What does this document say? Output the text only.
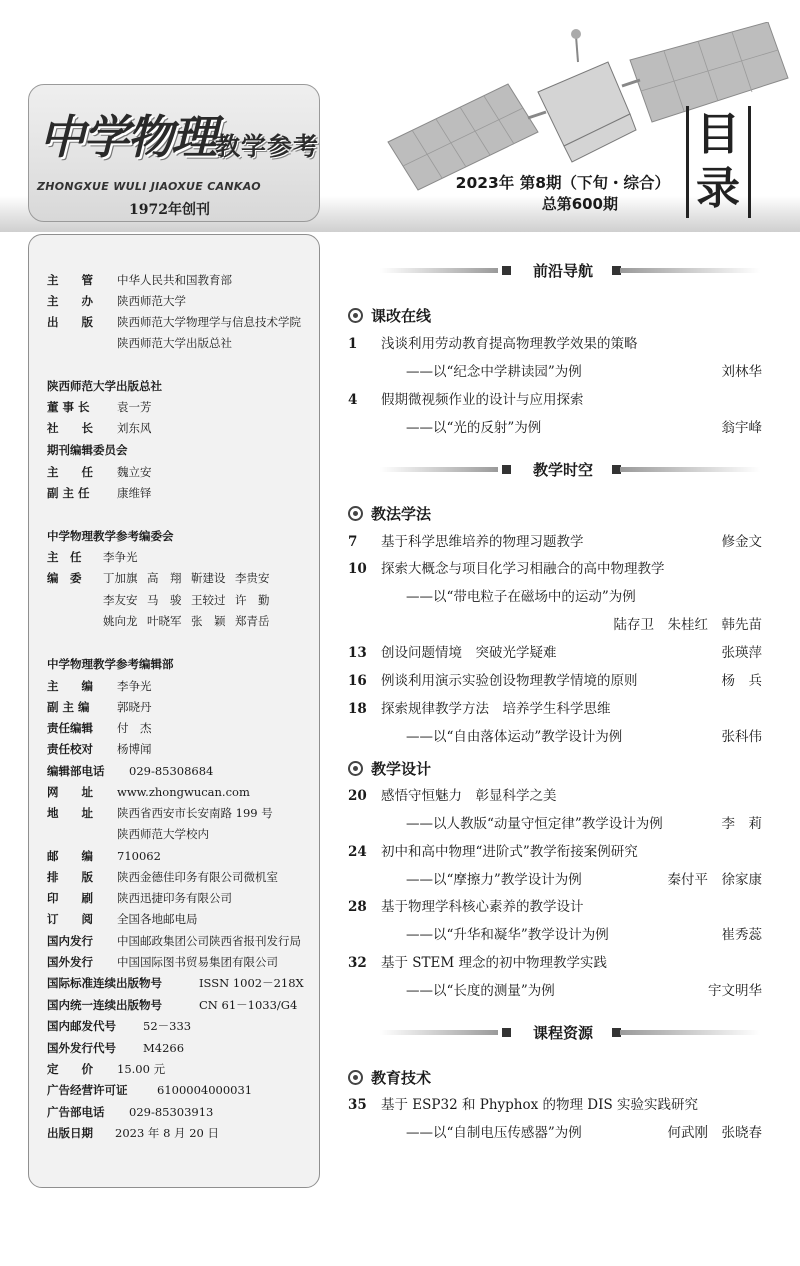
中学物理 教学参考
ZHONGXUE WULI JIAOXUE CANKAO
1972年创刊
2023年 第8期（下旬・综合）
总第600期
目
录
主　　管 中华人民共和国教育部
主　　办 陕西师范大学
出　　版 陕西师范大学物理学与信息技术学院
陕西师范大学出版总社
陕西师范大学出版总社
董 事 长 袁一芳
社　　长 刘东风
期刊编辑委员会
主　　任 魏立安
副 主 任 康维铎
中学物理教学参考编委会
主　任 李争光
编　委 丁加旗 高　翔 靳建设 李贵安
李友安 马　骏 王较过 许　勤
姚向龙 叶晓军 张　颖 郑青岳
中学物理教学参考编辑部
主　　编 李争光
副 主 编 郭晓丹
责任编辑 付　杰
责任校对 杨博闻
编辑部电话 029-85308684
网　　址 www.zhongwucan.com
地　　址 陕西省西安市长安南路 199 号
陕西师范大学校内
邮　　编 710062
排　　版 陕西金德佳印务有限公司微机室
印　　刷 陕西迅捷印务有限公司
订　　阅 全国各地邮电局
国内发行 中国邮政集团公司陕西省报刊发行局
国外发行 中国国际图书贸易集团有限公司
国际标准连续出版物号	ISSN 1002－218X
国内统一连续出版物号	CN 61－1033/G4
国内邮发代号 52－333
国外发行代号 M4266
定　　价 15.00 元
广告经营许可证	6100004000031
广告部电话 029-85303913
出版日期 2023 年 8 月 20 日
前沿导航
课改在线
1 浅谈利用劳动教育提高物理教学效果的策略
——以“纪念中学耕读园”为例	刘林华
4 假期微视频作业的设计与应用探索
——以“光的反射”为例	翁宇峰
教学时空
教法学法
7 基于科学思维培养的物理习题教学	修金文
10 探索大概念与项目化学习相融合的高中物理教学
——以“带电粒子在磁场中的运动”为例
陆存卫　朱桂红　韩先苗
13 创设问题情境　突破光学疑难	张瑛萍
16 例谈利用演示实验创设物理教学情境的原则	杨　兵
18 探索规律教学方法　培养学生科学思维
——以“自由落体运动”教学设计为例	张科伟
教学设计
20 感悟守恒魅力　彰显科学之美
——以人教版“动量守恒定律”教学设计为例	李　莉
24 初中和高中物理“进阶式”教学衔接案例研究
——以“摩擦力”教学设计为例	秦付平　徐家康
28 基于物理学科核心素养的教学设计
——以“升华和凝华”教学设计为例	崔秀蕊
32 基于 STEM 理念的初中物理教学实践
——以“长度的测量”为例	宇文明华
课程资源
教育技术
35 基于 ESP32 和 Phyphox 的物理 DIS 实验实践研究
——以“自制电压传感器”为例	何武刚　张晓春
